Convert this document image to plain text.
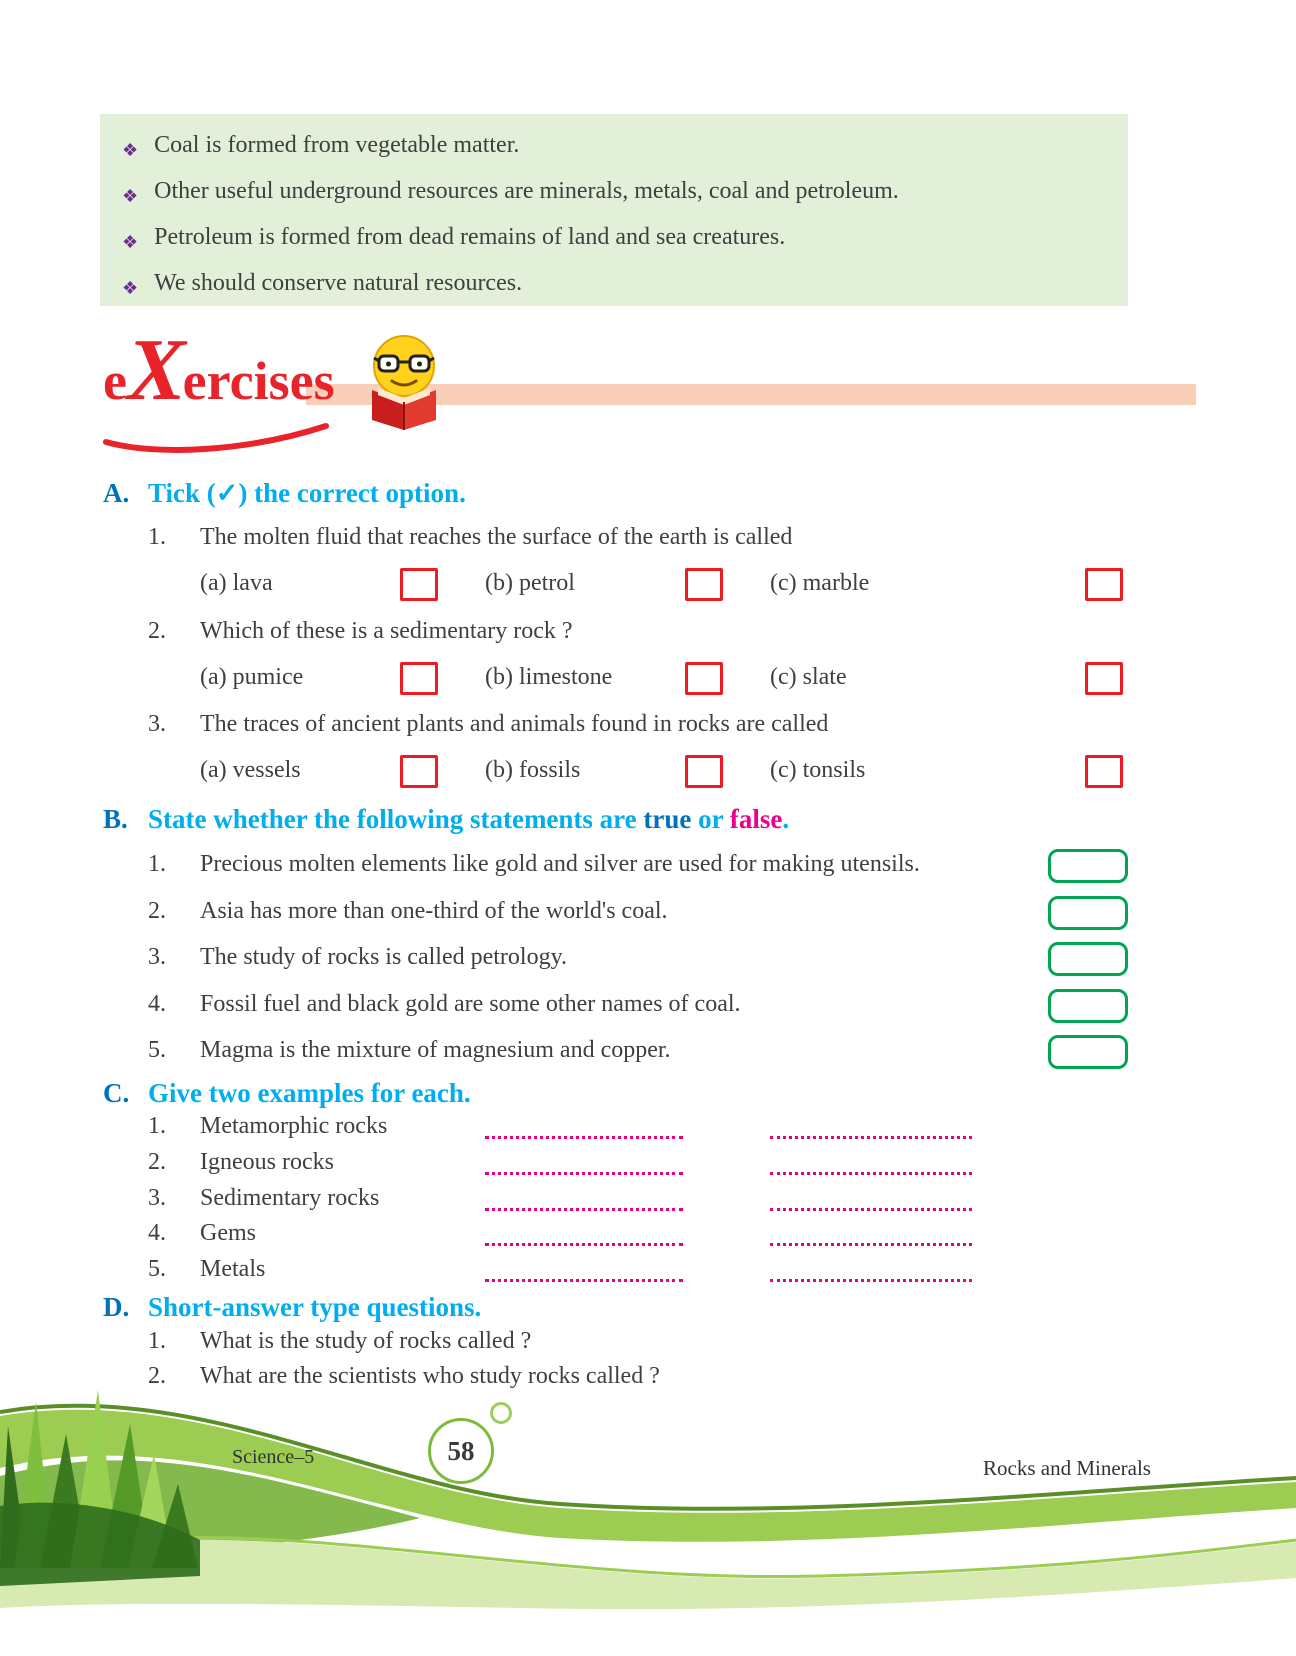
❖ Coal is formed from vegetable matter.
❖ Other useful underground resources are minerals, metals, coal and petroleum.
❖ Petroleum is formed from dead remains of land and sea creatures.
❖ We should conserve natural resources.
e X ercises
A. Tick (✓) the correct option.
1. The molten fluid that reaches the surface of the earth is called
(a) lava	(b) petrol	(c) marble
2. Which of these is a sedimentary rock ?
(a) pumice	(b) limestone	(c) slate
3. The traces of ancient plants and animals found in rocks are called
(a) vessels	(b) fossils	(c) tonsils
B. State whether the following statements are true or false.
1. Precious molten elements like gold and silver are used for making utensils.
2. Asia has more than one-third of the world's coal.
3. The study of rocks is called petrology.
4. Fossil fuel and black gold are some other names of coal.
5. Magma is the mixture of magnesium and copper.
C. Give two examples for each.
1. Metamorphic rocks
2. Igneous rocks
3. Sedimentary rocks
4. Gems
5. Metals
D. Short-answer type questions.
1. What is the study of rocks called ?
2. What are the scientists who study rocks called ?
58
Science–5	Rocks and Minerals
